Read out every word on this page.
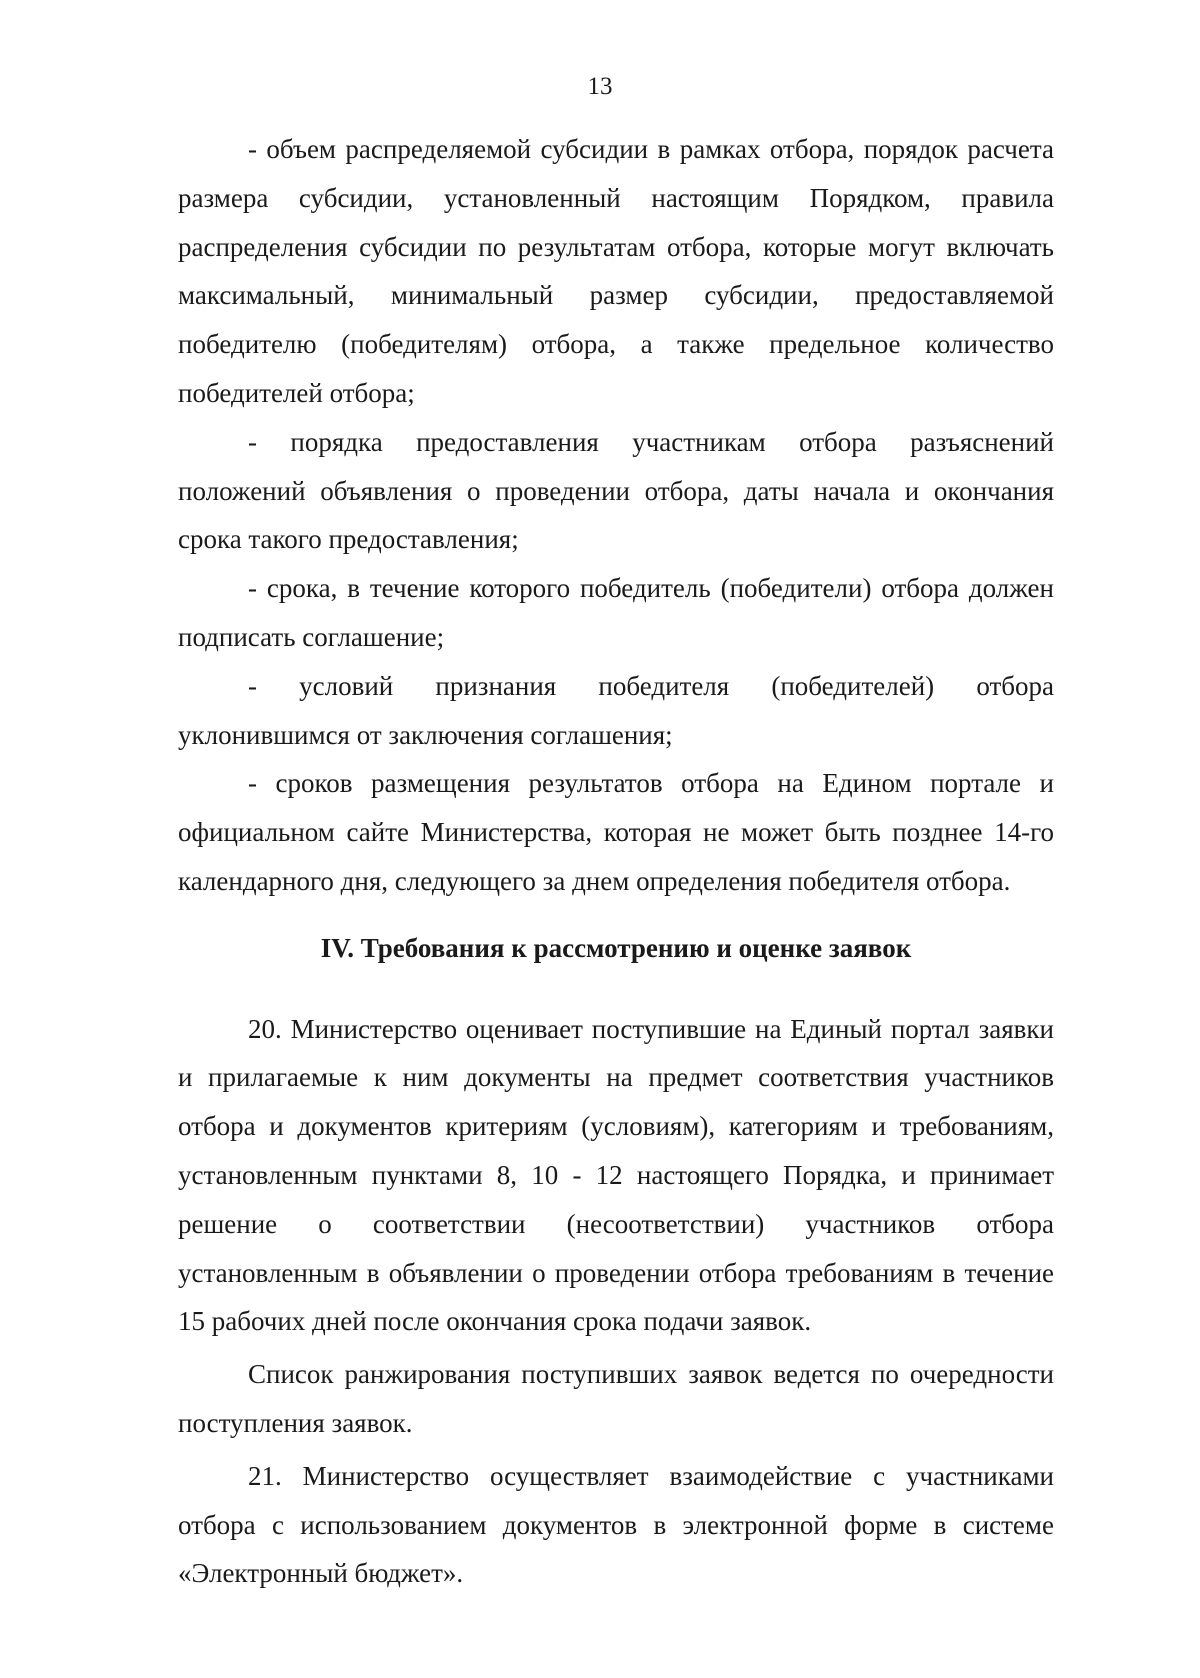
13

- объем распределяемой субсидии в рамках отбора, порядок расчета размера субсидии, установленный настоящим Порядком, правила распределения субсидии по результатам отбора, которые могут включать максимальный, минимальный размер субсидии, предоставляемой победителю (победителям) отбора, а также предельное количество победителей отбора;

- порядка предоставления участникам отбора разъяснений положений объявления о проведении отбора, даты начала и окончания срока такого предоставления;

- срока, в течение которого победитель (победители) отбора должен подписать соглашение;

- условий признания победителя (победителей) отбора уклонившимся от заключения соглашения;

- сроков размещения результатов отбора на Едином портале и официальном сайте Министерства, которая не может быть позднее 14-го календарного дня, следующего за днем определения победителя отбора.

IV. Требования к рассмотрению и оценке заявок

20. Министерство оценивает поступившие на Единый портал заявки и прилагаемые к ним документы на предмет соответствия участников отбора и документов критериям (условиям), категориям и требованиям, установленным пунктами 8, 10 - 12 настоящего Порядка, и принимает решение о соответствии (несоответствии) участников отбора установленным в объявлении о проведении отбора требованиям в течение 15 рабочих дней после окончания срока подачи заявок.

Список ранжирования поступивших заявок ведется по очередности поступления заявок.

21. Министерство осуществляет взаимодействие с участниками отбора с использованием документов в электронной форме в системе «Электронный бюджет».
